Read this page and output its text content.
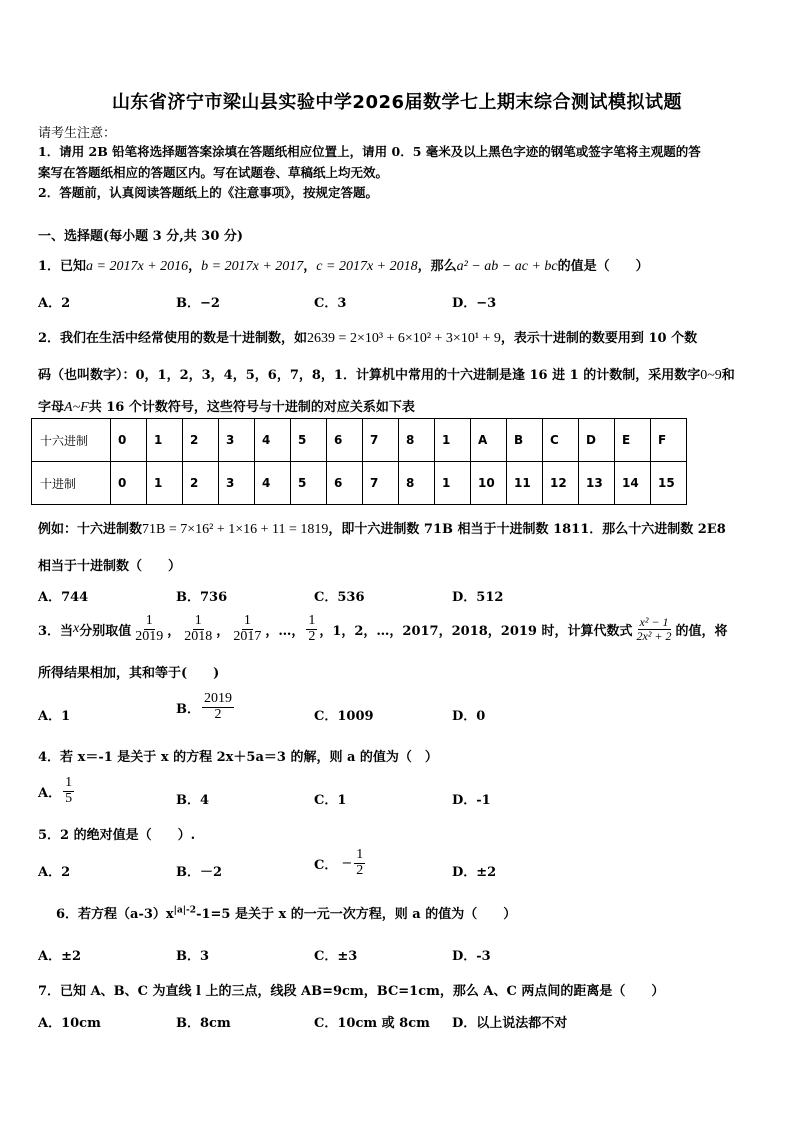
山东省济宁市梁山县实验中学2026届数学七上期末综合测试模拟试题
请考生注意：
1．请用 2B 铅笔将选择题答案涂填在答题纸相应位置上，请用 0．5 毫米及以上黑色字迹的钢笔或签字笔将主观题的答
案写在答题纸相应的答题区内。写在试题卷、草稿纸上均无效。
2．答题前，认真阅读答题纸上的《注意事项》，按规定答题。
一、选择题(每小题 3 分,共 30 分)
1．已知a = 2017x + 2016，b = 2017x + 2017，c = 2017x + 2018，那么a² − ab − ac + bc的值是（　　）
A．2	B．−2	C．3	D．−3
2．我们在生活中经常使用的数是十进制数，如2639 = 2×10³ + 6×10² + 3×10¹ + 9，表示十进制的数要用到 10 个数
码（也叫数字）：0，1，2，3，4，5，6，7，8，1．计算机中常用的十六进制是逢 16 进 1 的计数制，采用数字0~9和
字母A~F共 16 个计数符号，这些符号与十进制的对应关系如下表
十六进制	0	1	2	3	4	5	6	7	8	1	A	B	C	D	E	F
十进制	0	1	2	3	4	5	6	7	8	1	10	11	12	13	14	15
例如：十六进制数71B = 7×16² + 1×16 + 11 = 1819，即十六进制数 71B 相当于十进制数 1811．那么十六进制数 2E8
相当于十进制数（　　）
A．744	B．736	C．536	D．512
3．当 x 分别取值 $\frac{1}{2019}$ ， $\frac{1}{2018}$ ， $\frac{1}{2017}$ ，…， $\frac{1}{2}$ ，1，2，…，2017，2018，2019 时，计算代数式 $\frac{\text{x² − 1}}{\text{2x² + 2}}$ 的值，将
所得结果相加，其和等于(　　)
A．1	B． $\frac{2019}{2}$	C．1009	D．0
4．若 x＝-1 是关于 x 的方程 2x＋5a＝3 的解，则 a 的值为（　）
A． $\frac{1}{5}$	B．4	C．1	D．-1
5．2 的绝对值是（　　）.
A．2	B．－2	C． − $\frac{1}{2}$	D．±2
6．若方程$(a-3)x^{|a|-2}-1=5$ 是关于 x 的一元一次方程，则 a 的值为（　　）
A．±2	B．3	C．±3	D．-3
7．已知 A、B、C 为直线 l 上的三点，线段 AB=9cm，BC=1cm，那么 A、C 两点间的距离是（　　）
A．10cm	B．8cm	C．10cm 或 8cm D．以上说法都不对
